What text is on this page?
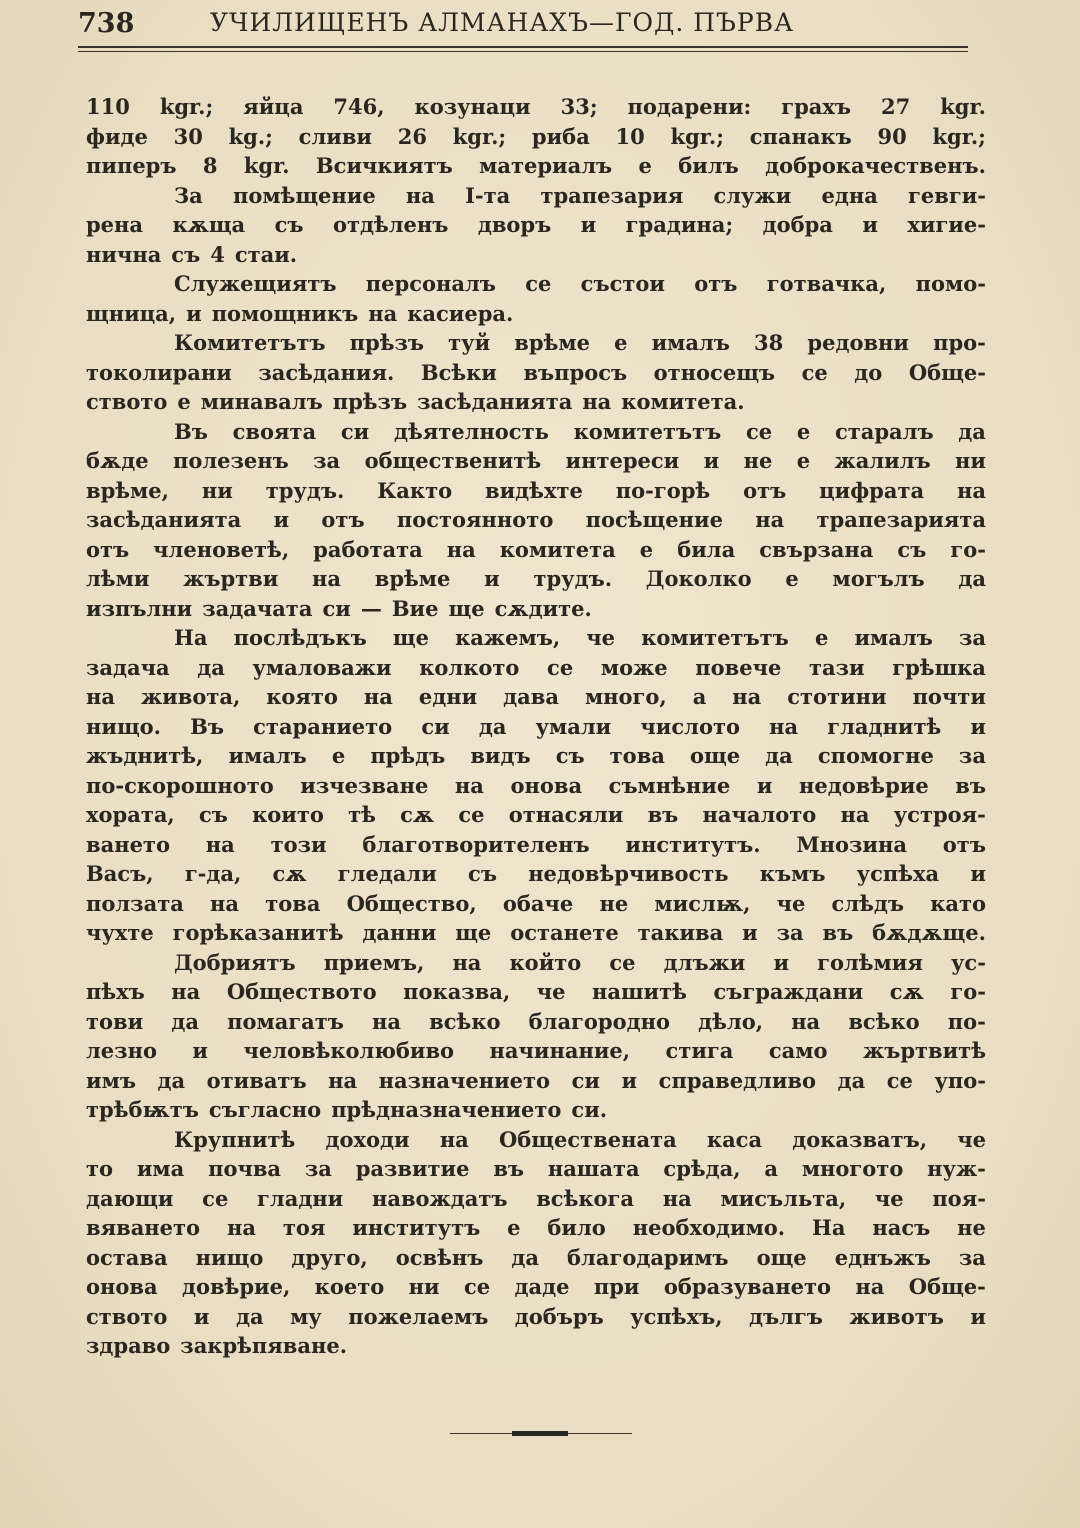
738	УЧИЛИЩЕНЪ АЛМАНАХЪ—ГОД. ПЪРВА
110 kgr.; яйца 746, козунаци 33; подарени: грахъ 27 kgr.
фиде 30 kg.; сливи 26 kgr.; риба 10 kgr.; спанакъ 90 kgr.;
пиперъ 8 kgr. Всичкиятъ материалъ е билъ доброкачественъ.
За помѣщение на I-та трапезария служи една гевги-
рена кѫща съ отдѣленъ дворъ и градина; добра и хигие-
нична съ 4 стаи.
Служещиятъ персоналъ се състои отъ готвачка, помо-
щница, и помощникъ на касиера.
Комитетътъ прѣзъ туй врѣме е ималъ 38 редовни про-
токолирани засѣдания. Всѣки въпросъ относещъ се до Обще-
ството е минавалъ прѣзъ засѣданията на комитета.
Въ своята си дѣятелность комитетътъ се е старалъ да
бѫде полезенъ за общественитѣ интереси и не е жалилъ ни
врѣме, ни трудъ. Както видѣхте по-горѣ отъ цифрата на
засѣданията и отъ постоянното посѣщение на трапезарията
отъ членоветѣ, работата на комитета е била свързана съ го-
лѣми жъртви на врѣме и трудъ. Доколко е могълъ да
изпълни задачата си — Вие ще сѫдите.
На послѣдъкъ ще кажемъ, че комитетътъ е ималъ за
задача да умаловажи колкото се може повече тази грѣшка
на живота, която на едни дава много, а на стотини почти
нищо. Въ старанието си да умали числото на гладнитѣ и
жъднитѣ, ималъ е прѣдъ видъ съ това още да спомогне за
по-скорошното изчезване на онова съмнѣние и недовѣрие въ
хората, съ които тѣ сѫ се отнасяли въ началото на устроя-
ването на този благотворителенъ институтъ. Мнозина отъ
Васъ, г-да, сѫ гледали съ недовѣрчивость къмъ успѣха и
ползата на това Общество, обаче не мислѭ, че слѣдъ като
чухте горѣказанитѣ данни ще останете такива и за въ бѫдѫще.
Добриятъ приемъ, на който се длъжи и голѣмия ус-
пѣхъ на Обществото показва, че нашитѣ съграждани сѫ го-
тови да помагатъ на всѣко благородно дѣло, на всѣко по-
лезно и человѣколюбиво начинание, стига само жъртвитѣ
имъ да отиватъ на назначението си и справедливо да се упо-
трѣбѭтъ съгласно прѣдназначението си.
Крупнитѣ доходи на Обществената каса доказватъ, че
то има почва за развитие въ нашата срѣда, а многото нуж-
дающи се гладни навождатъ всѣкога на мисъльта, че поя-
вяването на тоя институтъ е било необходимо. На насъ не
остава нищо друго, освѣнъ да благодаримъ още еднъжъ за
онова довѣрие, което ни се даде при образуването на Обще-
ството и да му пожелаемъ добъръ успѣхъ, дългъ животъ и
здраво закрѣпяване.
